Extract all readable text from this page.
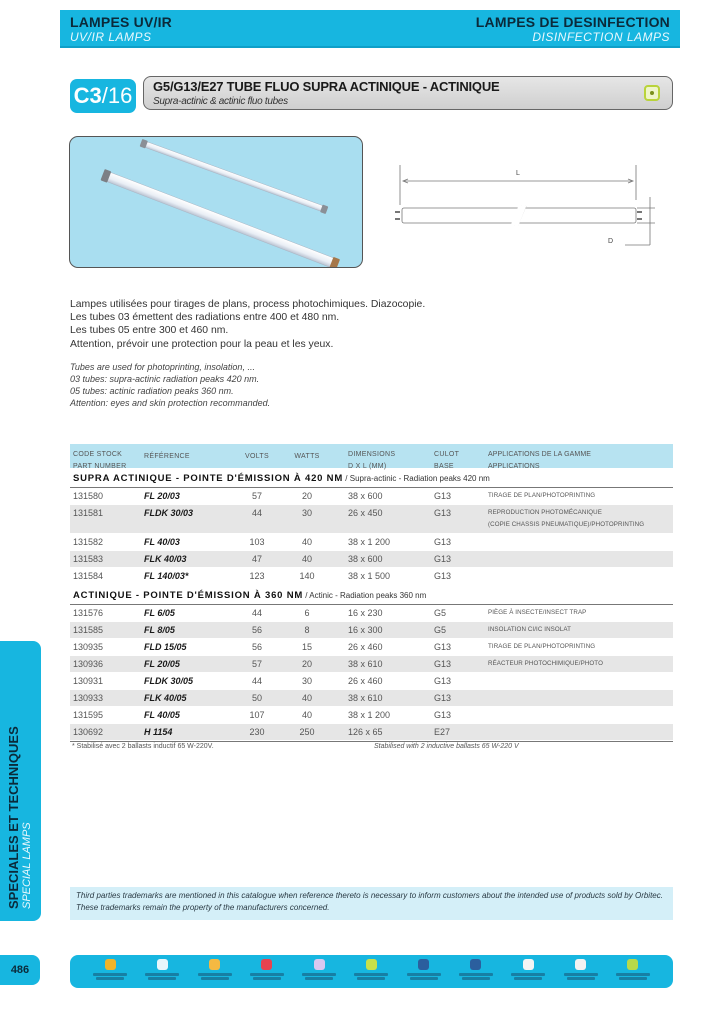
LAMPES UV/IR
UV/IR LAMPS
LAMPES DE DESINFECTION
DISINFECTION LAMPS
C3/16 G5/G13/E27 TUBE FLUO SUPRA ACTINIQUE - ACTINIQUE
Supra-actinic & actinic fluo tubes
L
D
Lampes utilisées pour tirages de plans, process photochimiques. Diazocopie.
Les tubes 03 émettent des radiations entre 400 et 480 nm.
Les tubes 05 entre 300 et 460 nm.
Attention, prévoir une protection pour la peau et les yeux.
Tubes are used for photoprinting, insolation, ...
03 tubes: supra-actinic radiation peaks 420 nm.
05 tubes: actinic radiation peaks 360 nm.
Attention: eyes and skin protection recommanded.
CODE STOCK
PART NUMBER
RÉFÉRENCE	VOLTS	WATTS	DIMENSIONS
D X L (MM)
CULOT
BASE
APPLICATIONS DE LA GAMME
APPLICATIONS
SUPRA ACTINIQUE - POINTE D'ÉMISSION À 420 NM / Supra-actinic - Radiation peaks 420 nm
131580	FL 20/03	57	20	38 x 600	G13	TIRAGE DE PLAN/PHOTOPRINTING
131581	FLDK 30/03	44	30	26 x 450	G13	REPRODUCTION PHOTOMÉCANIQUE
(COPIE CHASSIS PNEUMATIQUE)/PHOTOPRINTING
131582	FL 40/03	103	40	38 x 1 200	G13
131583	FLK 40/03	47	40	38 x 600	G13
131584	FL 140/03*	123	140	38 x 1 500	G13
ACTINIQUE - POINTE D'ÉMISSION À 360 NM / Actinic - Radiation peaks 360 nm
131576	FL 6/05	44	6	16 x 230	G5	PIÈGE À INSECTE/INSECT TRAP
131585	FL 8/05	56	8	16 x 300	G5	INSOLATION CI/IC INSOLAT
130935	FLD 15/05	56	15	26 x 460	G13	TIRAGE DE PLAN/PHOTOPRINTING
130936	FL 20/05	57	20	38 x 610	G13	RÉACTEUR PHOTOCHIMIQUE/PHOTO
130931	FLDK 30/05	44	30	26 x 460	G13
130933	FLK 40/05	50	40	38 x 610	G13
131595	FL 40/05	107	40	38 x 1 200	G13
130692	H 1154	230	250	126 x 65	E27
* Stabilisé avec 2 ballasts inductif 65 W-220V.	Stabilised with 2 inductive ballasts 65 W-220 V
SPECIALES ET TECHNIQUES SPECIAL LAMPS	Third parties trademarks are mentioned in this catalogue when reference thereto is necessary to inform customers about the intended use of products sold by Orbitec. These trademarks remain the property of the manufacturers concerned.
486
